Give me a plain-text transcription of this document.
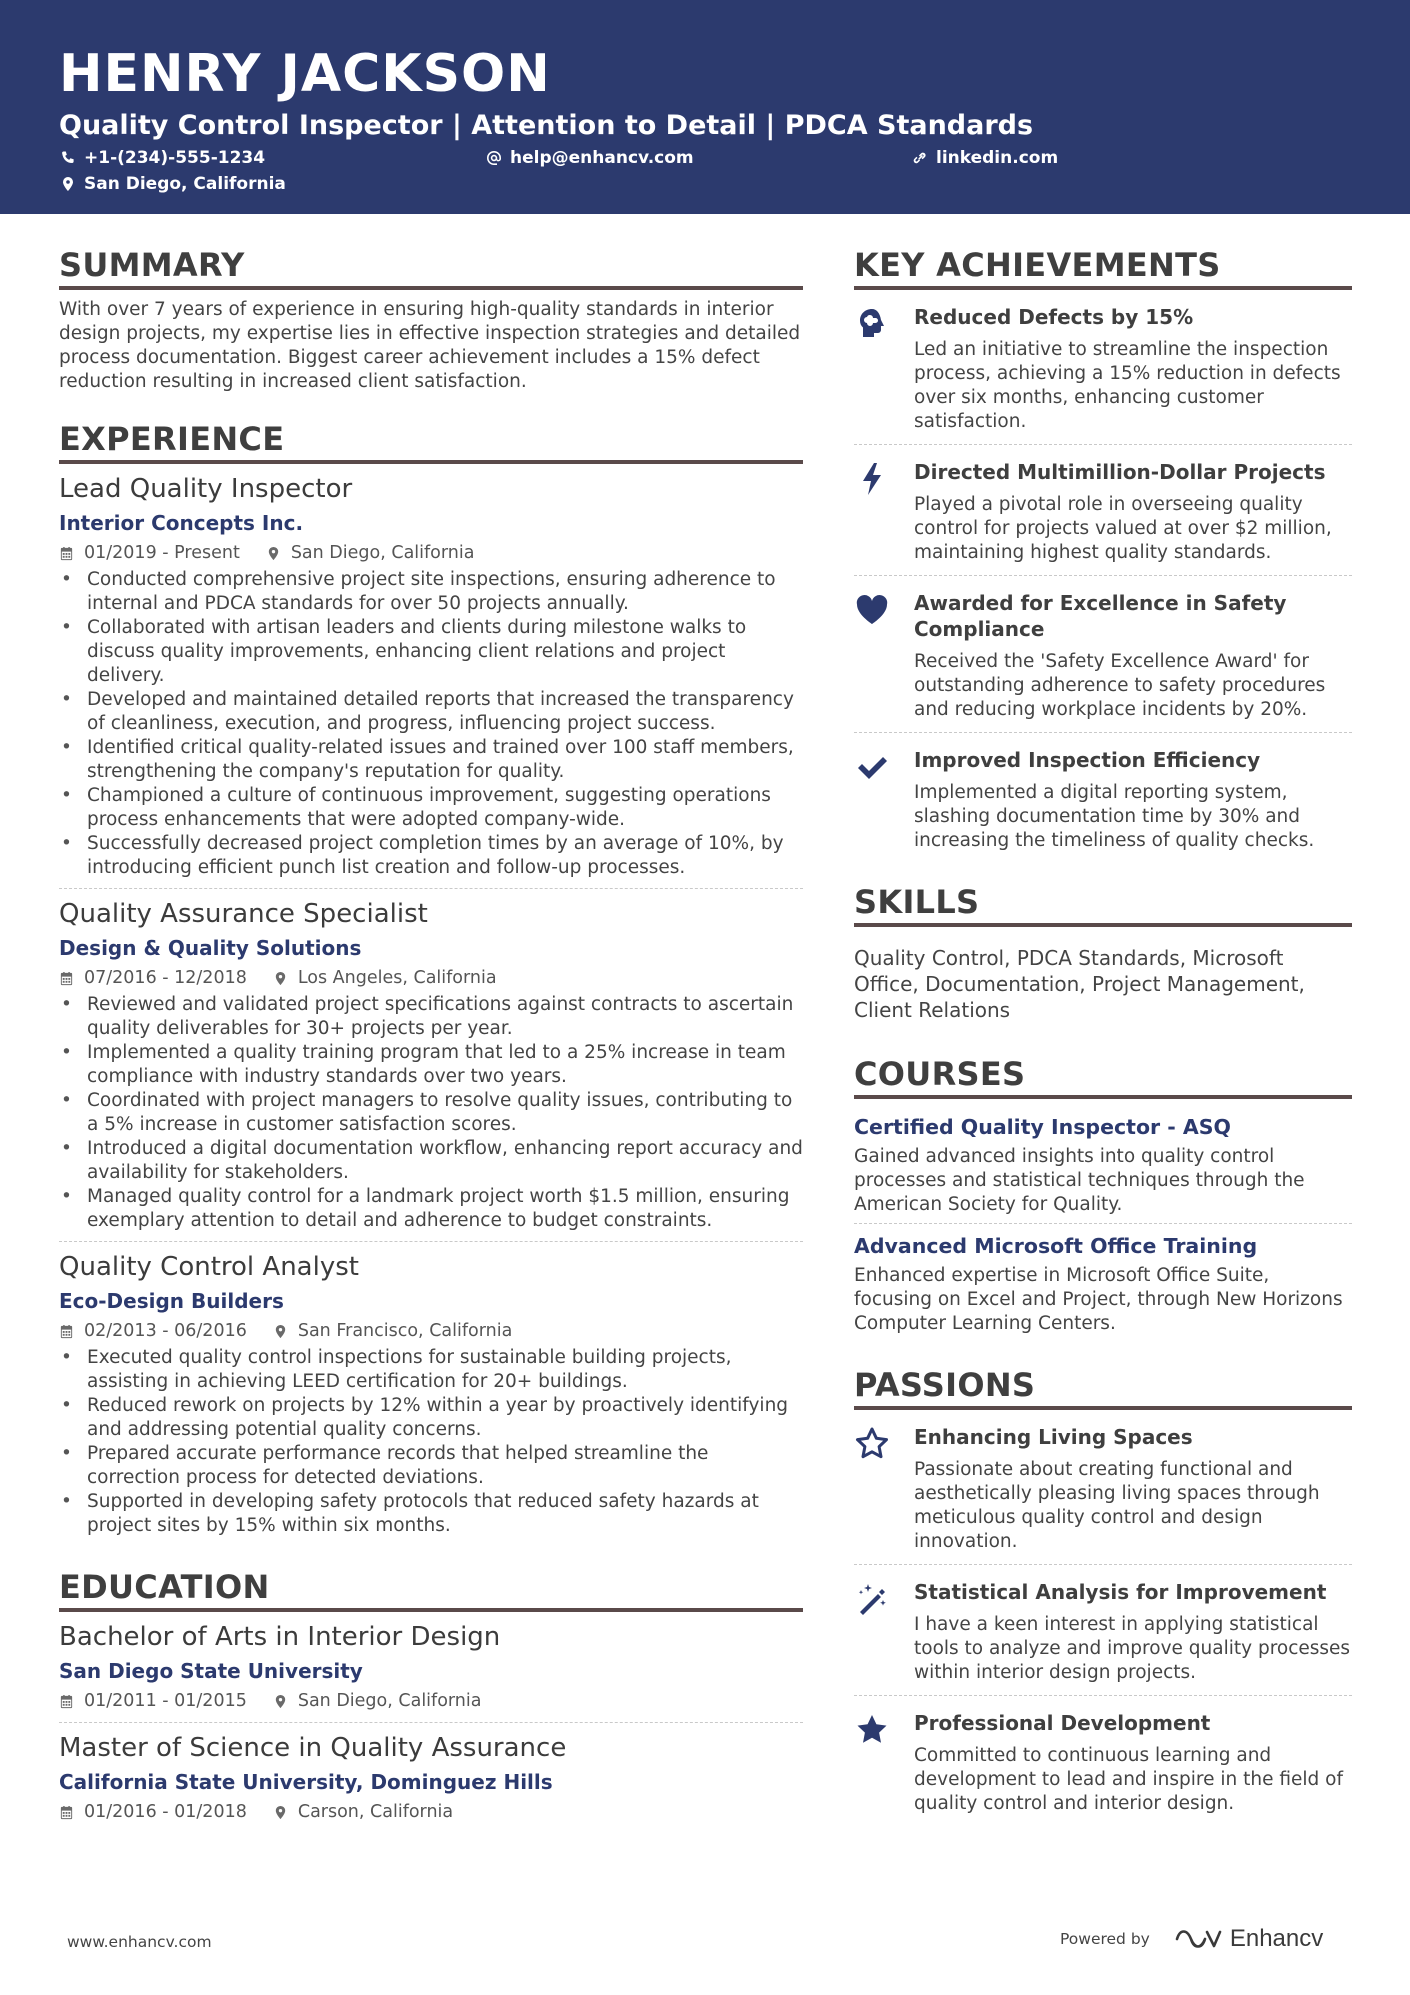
HENRY JACKSON
Quality Control Inspector | Attention to Detail | PDCA Standards
+1-(234)-555-1234	help@enhancv.com	linkedin.com
San Diego, California
SUMMARY
With over 7 years of experience in ensuring high-quality standards in interior design projects, my expertise lies in effective inspection strategies and detailed process documentation. Biggest career achievement includes a 15% defect reduction resulting in increased client satisfaction.
EXPERIENCE
Lead Quality Inspector
Interior Concepts Inc.
01/2019 - Present	San Diego, California
• Conducted comprehensive project site inspections, ensuring adherence to internal and PDCA standards for over 50 projects annually.
• Collaborated with artisan leaders and clients during milestone walks to discuss quality improvements, enhancing client relations and project delivery.
• Developed and maintained detailed reports that increased the transparency of cleanliness, execution, and progress, influencing project success.
• Identified critical quality-related issues and trained over 100 staff members, strengthening the company's reputation for quality.
• Championed a culture of continuous improvement, suggesting operations process enhancements that were adopted company-wide.
• Successfully decreased project completion times by an average of 10%, by introducing efficient punch list creation and follow-up processes.
Quality Assurance Specialist
Design & Quality Solutions
07/2016 - 12/2018	Los Angeles, California
• Reviewed and validated project specifications against contracts to ascertain quality deliverables for 30+ projects per year.
• Implemented a quality training program that led to a 25% increase in team compliance with industry standards over two years.
• Coordinated with project managers to resolve quality issues, contributing to a 5% increase in customer satisfaction scores.
• Introduced a digital documentation workflow, enhancing report accuracy and availability for stakeholders.
• Managed quality control for a landmark project worth $1.5 million, ensuring exemplary attention to detail and adherence to budget constraints.
Quality Control Analyst
Eco-Design Builders
02/2013 - 06/2016	San Francisco, California
• Executed quality control inspections for sustainable building projects, assisting in achieving LEED certification for 20+ buildings.
• Reduced rework on projects by 12% within a year by proactively identifying and addressing potential quality concerns.
• Prepared accurate performance records that helped streamline the correction process for detected deviations.
• Supported in developing safety protocols that reduced safety hazards at project sites by 15% within six months.
EDUCATION
Bachelor of Arts in Interior Design
San Diego State University
01/2011 - 01/2015	San Diego, California
Master of Science in Quality Assurance
California State University, Dominguez Hills
01/2016 - 01/2018	Carson, California
KEY ACHIEVEMENTS
Reduced Defects by 15%
Led an initiative to streamline the inspection process, achieving a 15% reduction in defects over six months, enhancing customer satisfaction.
Directed Multimillion-Dollar Projects
Played a pivotal role in overseeing quality control for projects valued at over $2 million, maintaining highest quality standards.
Awarded for Excellence in Safety Compliance
Received the 'Safety Excellence Award' for outstanding adherence to safety procedures and reducing workplace incidents by 20%.
Improved Inspection Efficiency
Implemented a digital reporting system, slashing documentation time by 30% and increasing the timeliness of quality checks.
SKILLS
Quality Control, PDCA Standards, Microsoft Office, Documentation, Project Management, Client Relations
COURSES
Certified Quality Inspector - ASQ
Gained advanced insights into quality control processes and statistical techniques through the American Society for Quality.
Advanced Microsoft Office Training
Enhanced expertise in Microsoft Office Suite, focusing on Excel and Project, through New Horizons Computer Learning Centers.
PASSIONS
Enhancing Living Spaces
Passionate about creating functional and aesthetically pleasing living spaces through meticulous quality control and design innovation.
Statistical Analysis for Improvement
I have a keen interest in applying statistical tools to analyze and improve quality processes within interior design projects.
Professional Development
Committed to continuous learning and development to lead and inspire in the field of quality control and interior design.
www.enhancv.com	Powered by	Enhancv
